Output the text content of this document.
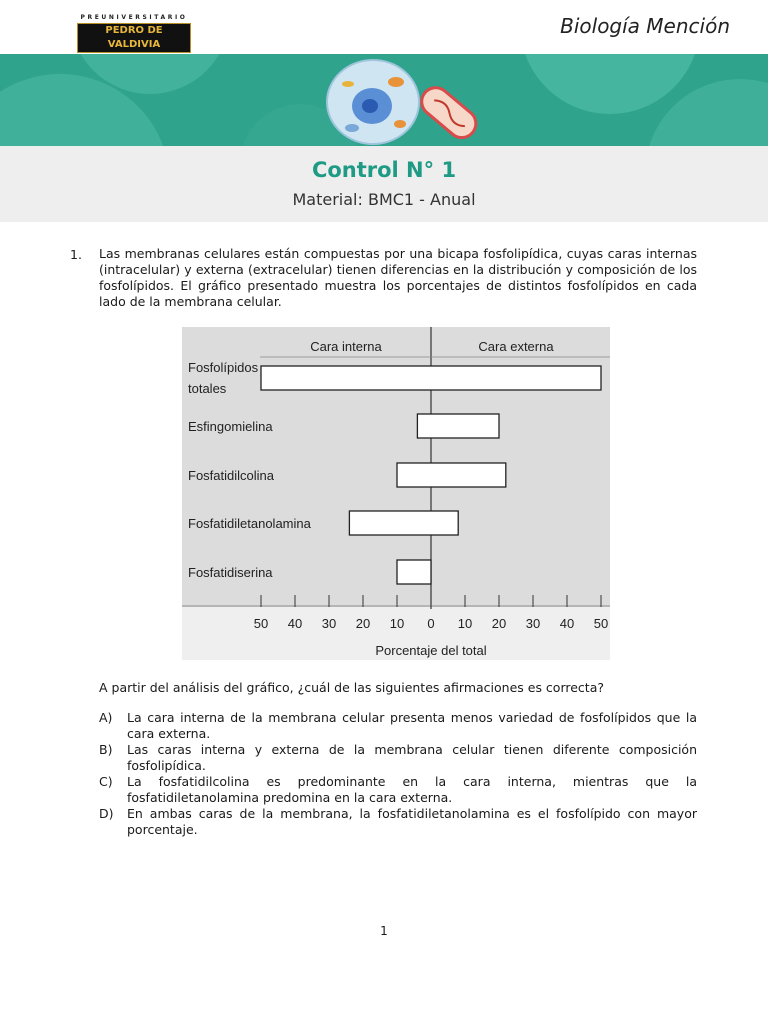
PREUNIVERSITARIO
PEDRO DE VALDIVIA
Biología Mención
Control N° 1
Material: BMC1 - Anual
1. Las membranas celulares están compuestas por una bicapa fosfolipídica, cuyas caras internas (intracelular) y externa (extracelular) tienen diferencias en la distribución y composición de los fosfolípidos. El gráfico presentado muestra los porcentajes de distintos fosfolípidos en cada lado de la membrana celular.
Cara interna	Cara externa
Fosfolípidos
totales
Esfingomielina
Fosfatidilcolina
Fosfatidiletanolamina
Fosfatidiserina
50 40 30 20 10 0 10 20 30 40 50
Porcentaje del total
A partir del análisis del gráfico, ¿cuál de las siguientes afirmaciones es correcta?
A)	La cara interna de la membrana celular presenta menos variedad de fosfolípidos que la cara externa.
B)	Las caras interna y externa de la membrana celular tienen diferente composición fosfolipídica.
C)	La fosfatidilcolina es predominante en la cara interna, mientras que la fosfatidiletanolamina predomina en la cara externa.
D)	En ambas caras de la membrana, la fosfatidiletanolamina es el fosfolípido con mayor porcentaje.
1
